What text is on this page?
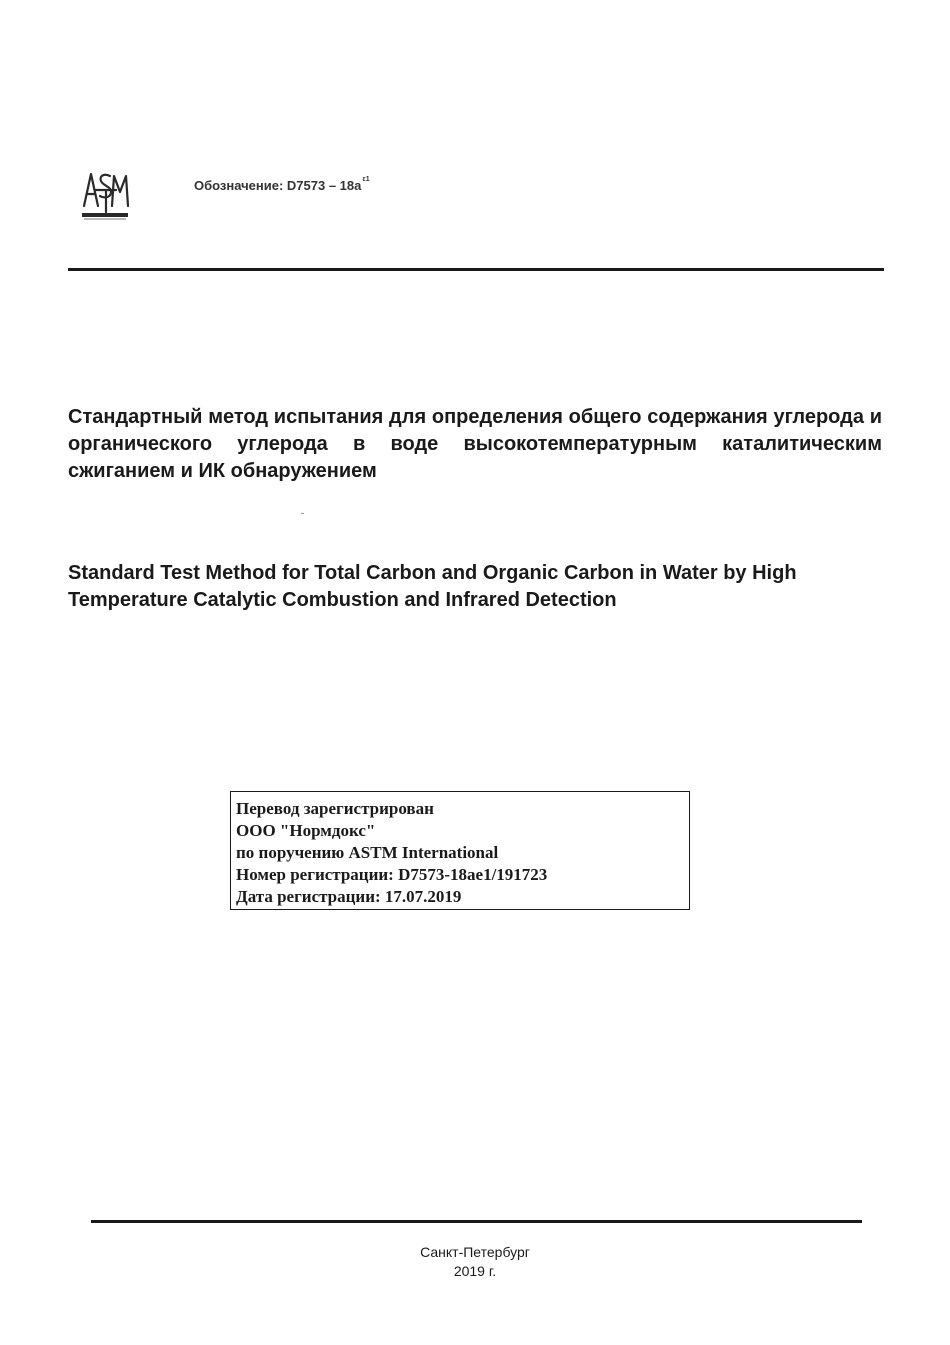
Обозначение: $D7573 - 18a^{\varepsilon 1}$
Стандартный метод испытания для определения общего содержания углерода и органического углерода в воде высокотемпературным каталитическим сжиганием и ИК обнаружением
Standard Test Method for Total Carbon and Organic Carbon in Water by High Temperature Catalytic Combustion and Infrared Detection
Перевод зарегистрирован
ООО "Нормдокс"
по поручению ASTM International
Номер регистрации: D7573-18ae1/191723
Дата регистрации: 17.07.2019
Санкт-Петербург
2019 г.
